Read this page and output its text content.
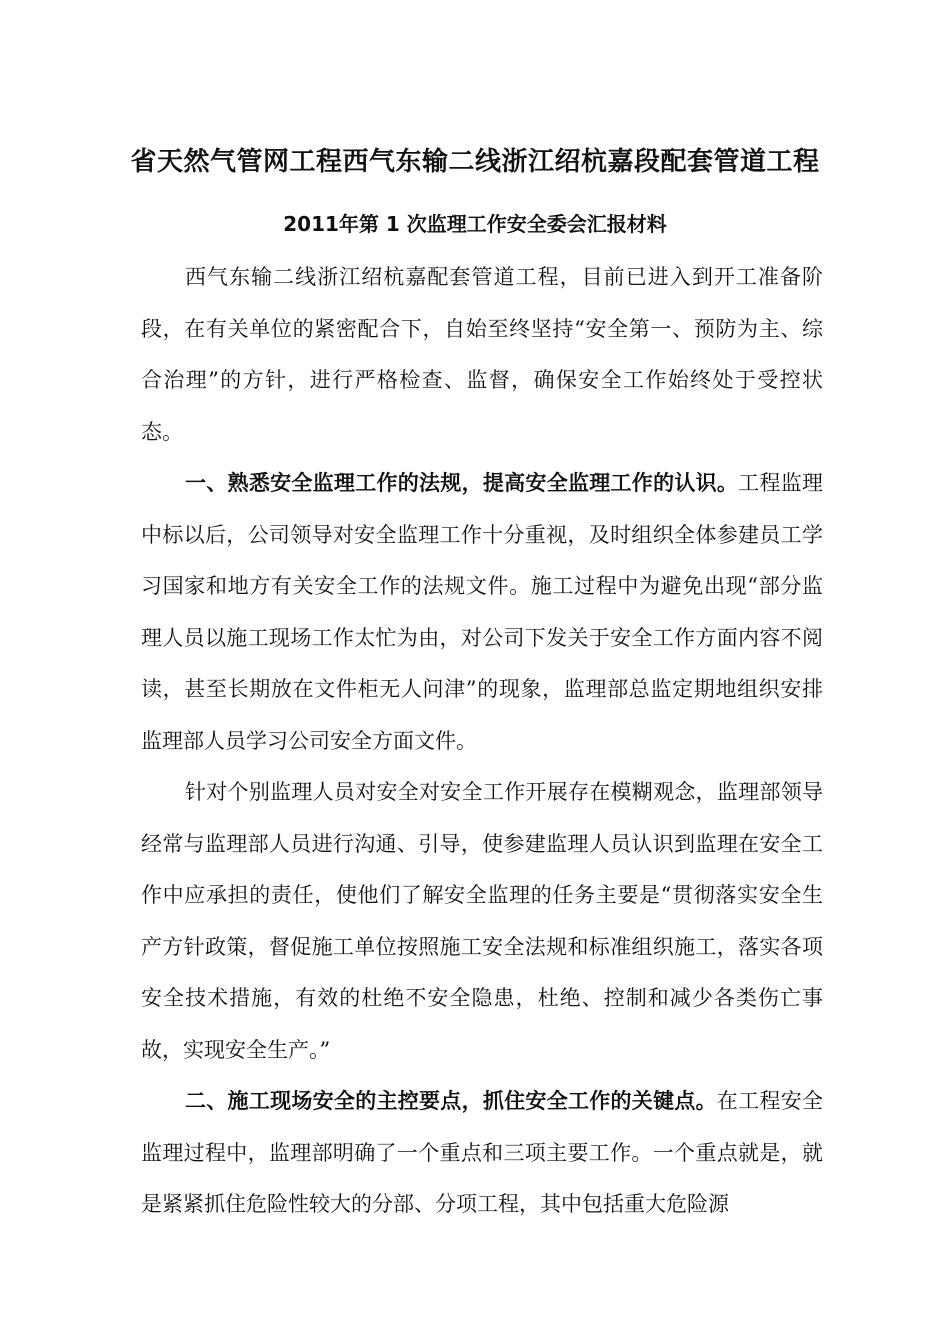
省天然气管网工程西气东输二线浙江绍杭嘉段配套管道工程
2011年第 1 次监理工作安全委会汇报材料

西气东输二线浙江绍杭嘉配套管道工程，目前已进入到开工准备阶段，在有关单位的紧密配合下，自始至终坚持“安全第一、预防为主、综合治理”的方针，进行严格检查、监督，确保安全工作始终处于受控状态。

一、熟悉安全监理工作的法规，提高安全监理工作的认识。工程监理中标以后，公司领导对安全监理工作十分重视，及时组织全体参建员工学习国家和地方有关安全工作的法规文件。施工过程中为避免出现“部分监理人员以施工现场工作太忙为由，对公司下发关于安全工作方面内容不阅读，甚至长期放在文件柜无人问津”的现象，监理部总监定期地组织安排监理部人员学习公司安全方面文件。

针对个别监理人员对安全对安全工作开展存在模糊观念，监理部领导经常与监理部人员进行沟通、引导，使参建监理人员认识到监理在安全工作中应承担的责任，使他们了解安全监理的任务主要是“贯彻落实安全生产方针政策，督促施工单位按照施工安全法规和标准组织施工，落实各项安全技术措施，有效的杜绝不安全隐患，杜绝、控制和减少各类伤亡事故，实现安全生产。”

二、施工现场安全的主控要点，抓住安全工作的关键点。在工程安全监理过程中，监理部明确了一个重点和三项主要工作。一个重点就是，就是紧紧抓住危险性较大的分部、分项工程，其中包括重大危险源
